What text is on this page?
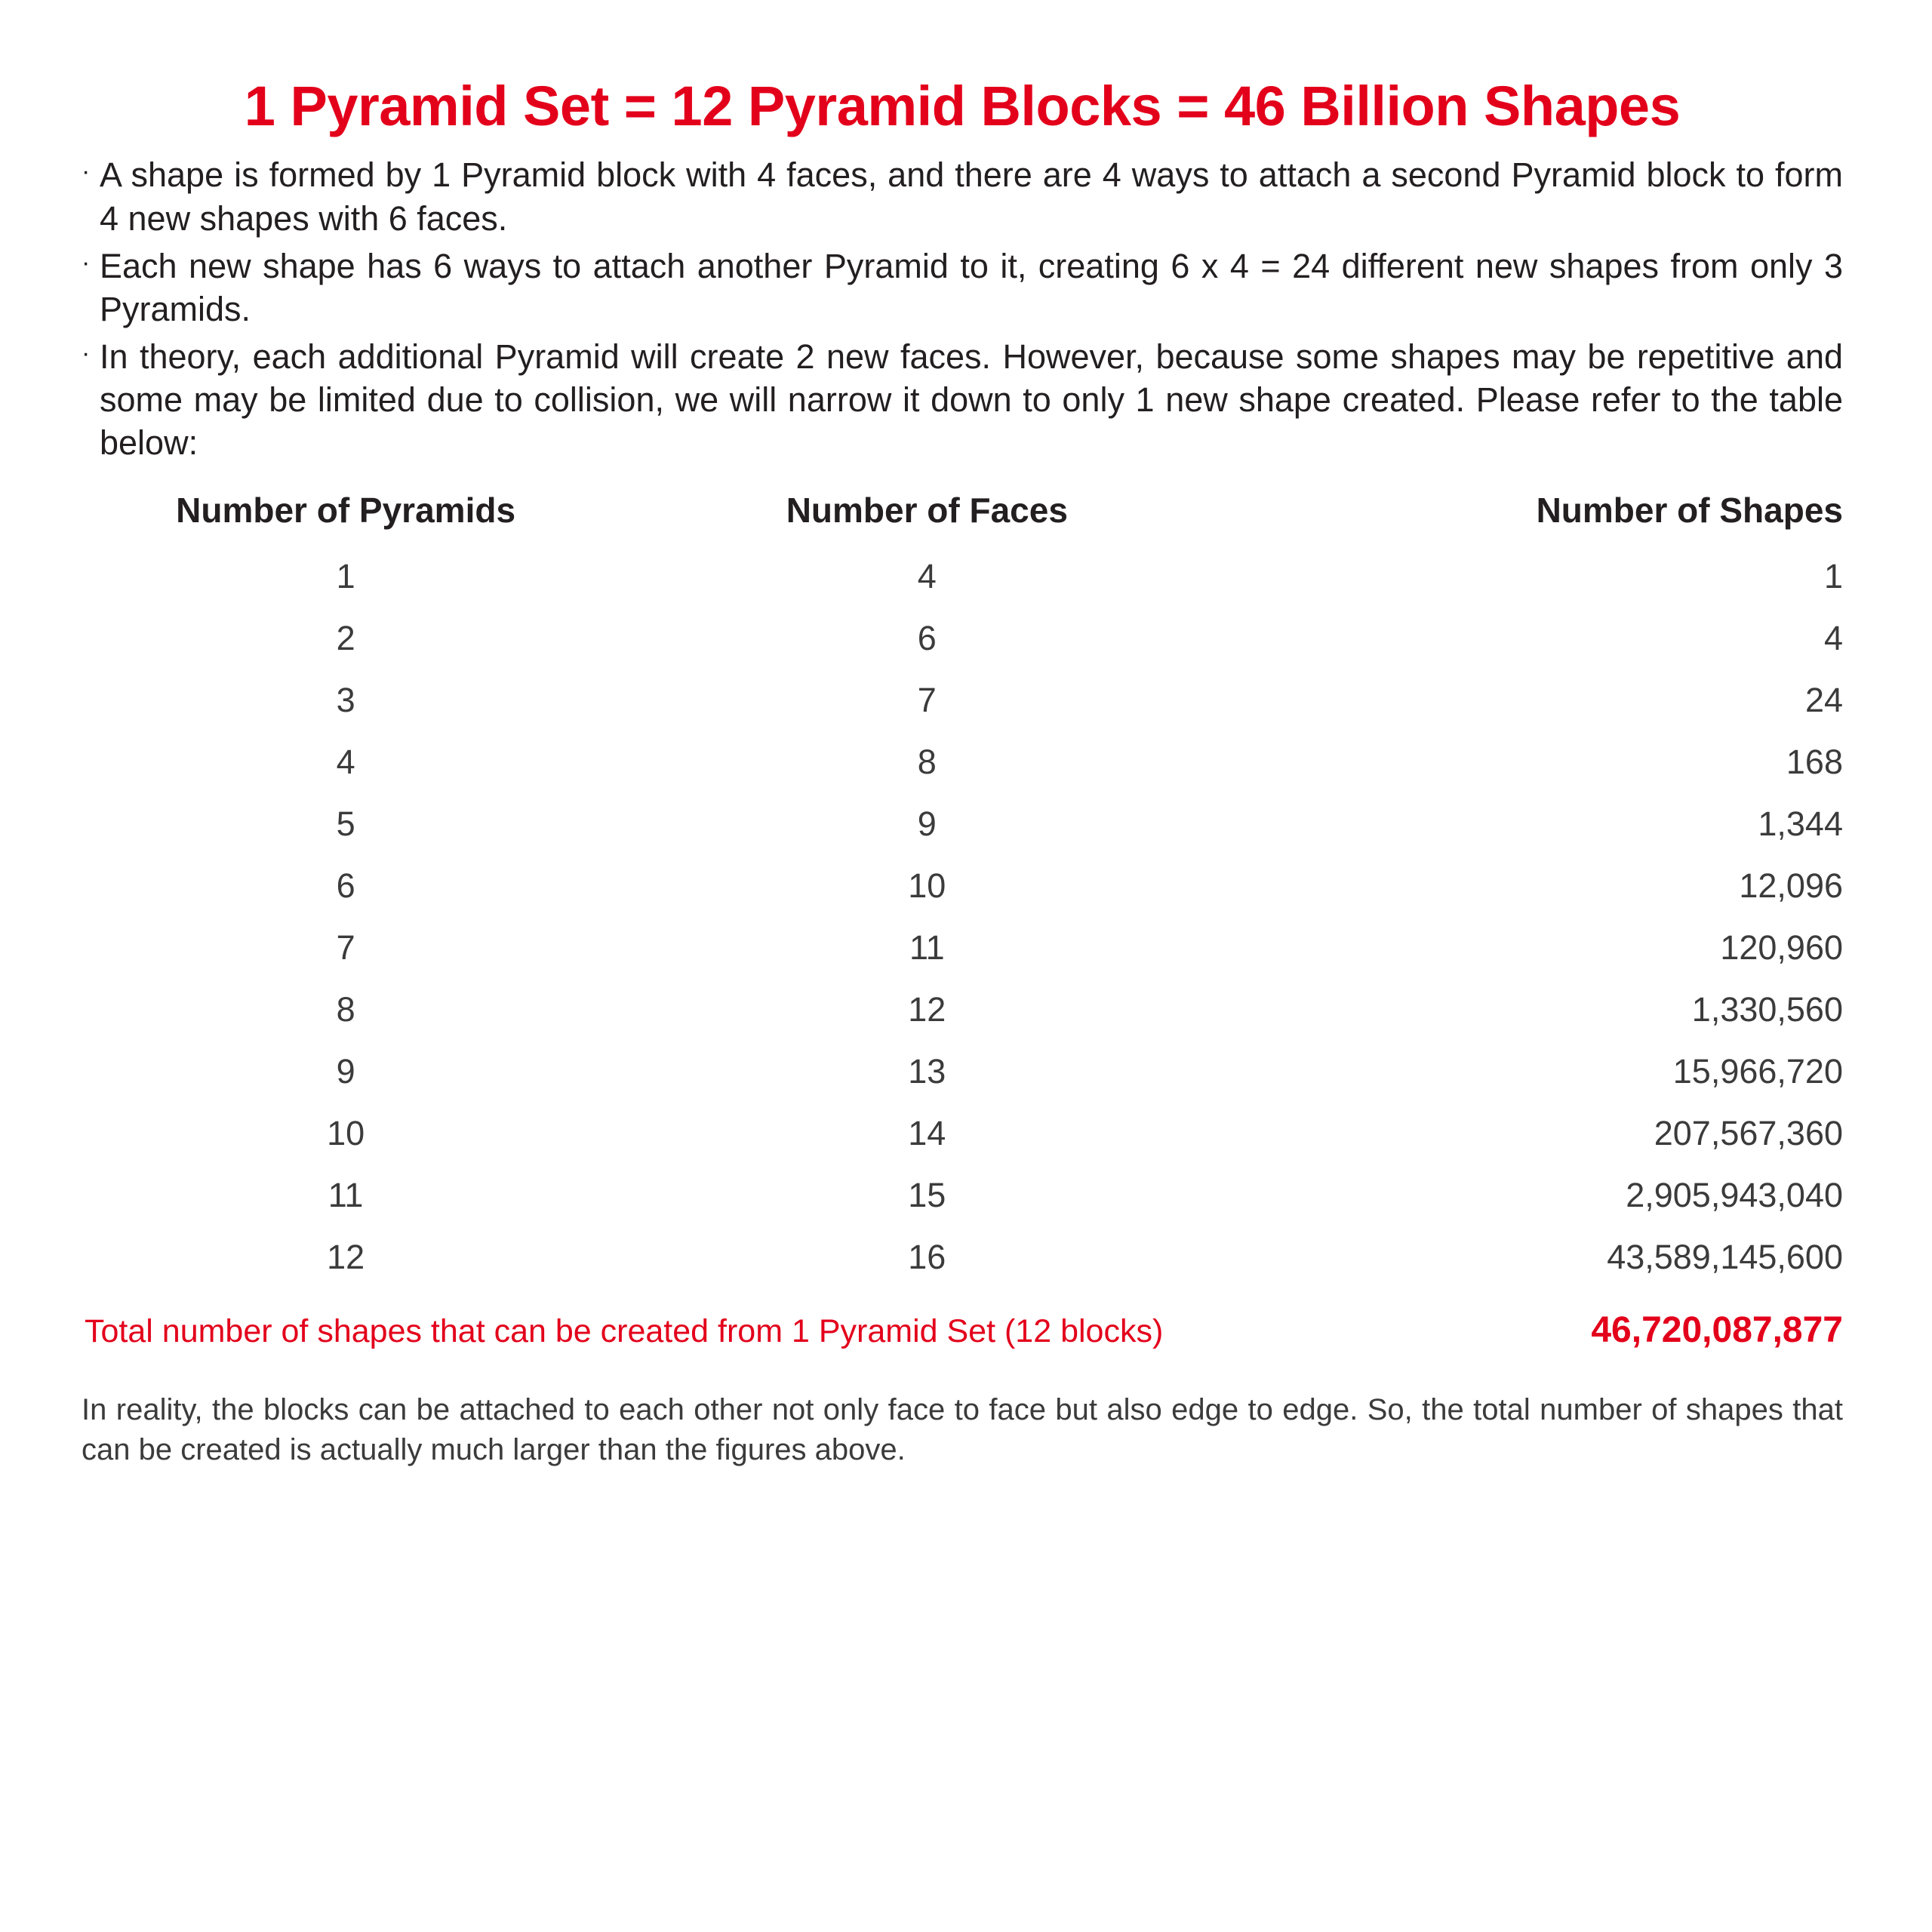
1 Pyramid Set = 12 Pyramid Blocks = 46 Billion Shapes
· A shape is formed by 1 Pyramid block with 4 faces, and there are 4 ways to attach a second Pyramid block to form 4 new shapes with 6 faces.
· Each new shape has 6 ways to attach another Pyramid to it, creating 6 x 4 = 24 different new shapes from only 3 Pyramids.
· In theory, each additional Pyramid will create 2 new faces. However, because some shapes may be repetitive and some may be limited due to collision, we will narrow it down to only 1 new shape created. Please refer to the table below:
Number of Pyramids	Number of Faces	Number of Shapes
1	4	1
2	6	4
3	7	24
4	8	168
5	9	1,344
6	10	12,096
7	11	120,960
8	12	1,330,560
9	13	15,966,720
10	14	207,567,360
11	15	2,905,943,040
12	16	43,589,145,600
Total number of shapes that can be created from 1 Pyramid Set (12 blocks)	46,720,087,877
In reality, the blocks can be attached to each other not only face to face but also edge to edge. So, the total number of shapes that can be created is actually much larger than the figures above.
